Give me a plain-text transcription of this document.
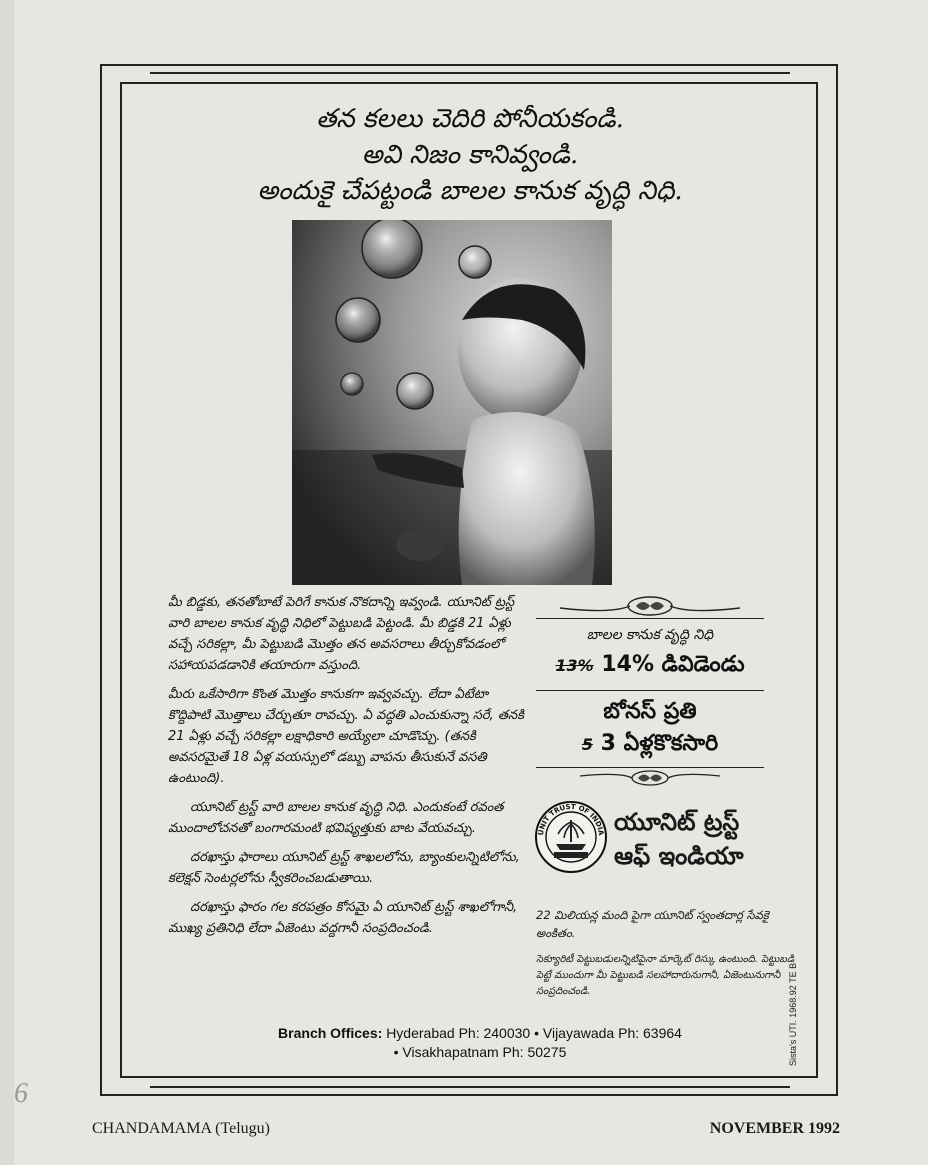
తన కలలు చెదిరి పోనీయకండి.
అవి నిజం కానివ్వండి.
అందుకై చేపట్టండి బాలల కానుక వృద్ధి నిధి.

మీ బిడ్డకు, తనతోబాటే పెరిగే కానుక నొకదాన్ని ఇవ్వండి. యూనిట్ ట్రస్ట్ వారి బాలల కానుక వృద్ధి నిధిలో పెట్టుబడి పెట్టండి. మీ బిడ్డకి 21 ఏళ్లు వచ్చే సరికల్లా, మీ పెట్టుబడి మొత్తం తన అవసరాలు తీర్చుకోవడంలో సహాయపడడానికి తయారుగా వస్తుంది.

మీరు ఒకేసారిగా కొంత మొత్తం కానుకగా ఇవ్వవచ్చు. లేదా ఏటేటా కొద్దిపాటి మొత్తాలు చేర్చుతూ రావచ్చు. ఏ వద్ధతి ఎంచుకున్నా సరే, తనకి 21 ఏళ్లు వచ్చే సరికల్లా లక్షాధికారి అయ్యేలా చూడొచ్చు. (తనకి అవసరమైతే 18 ఏళ్ల వయస్సులో డబ్బు వాపను తీసుకునే వసతి ఉంటుంది).

యూనిట్ ట్రస్ట్ వారి బాలల కానుక వృద్ధి నిధి. ఎందుకంటే రవంత ముందాలోచనతో బంగారమంటి భవిష్యత్తుకు బాట వేయవచ్చు.

దరఖాస్తు ఫారాలు యూనిట్ ట్రస్ట్ శాఖలలోను, బ్యాంకులన్నిటిలోను, కలెక్షన్ సెంటర్లలోను స్వీకరించబడుతాయి.

దరఖాస్తు ఫారం గల కరపత్రం కోసమై ఏ యూనిట్ ట్రస్ట్ శాఖలోగానీ, ముఖ్య ప్రతినిధి లేదా ఏజెంటు వద్దగానీ సంప్రదించండి.

బాలల కానుక వృద్ధి నిధి
13% 14% డివిడెండు
బోనస్ ప్రతి
5 3 ఏళ్లకొకసారి
UNIT TRUST OF INDIA యూనిట్ ట్రస్ట్
ఆఫ్ ఇండియా
22 మిలియన్ల మంది పైగా యూనిట్ స్వంతదార్ల సేవకై అంకితం.
సెక్యూరిటీ పెట్టుబడులన్నిటిపైనా మార్కెట్ రిస్కు ఉంటుంది. పెట్టుబడి పెట్టే ముందుగా మీ పెట్టుబడి సలహాదారునుగానీ, ఏజెంటునుగానీ సంప్రదించండి.	Sista's UTI. 1968.92 TE B
Branch Offices: Hyderabad Ph: 240030 • Vijayawada Ph: 63964
• Visakhapatnam Ph: 50275
6
CHANDAMAMA (Telugu)	NOVEMBER 1992
